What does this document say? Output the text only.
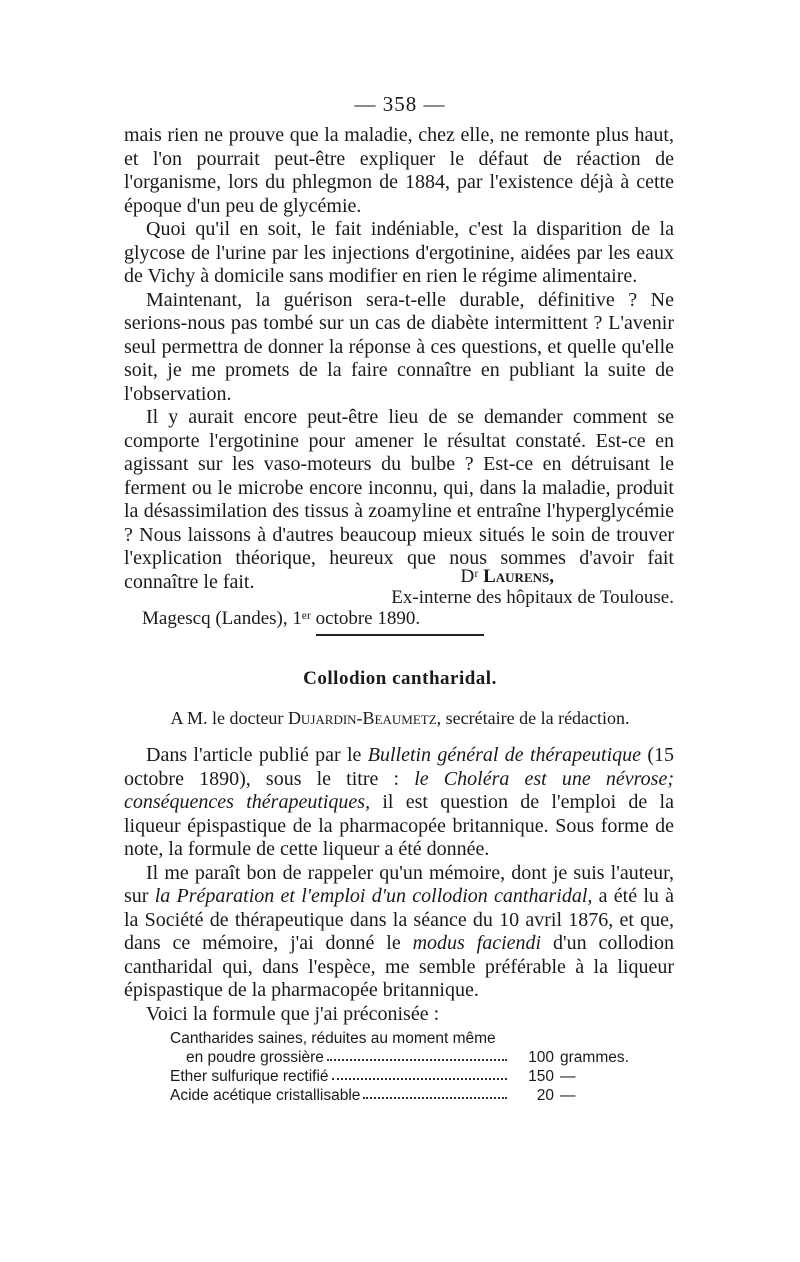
— 358 —

mais rien ne prouve que la maladie, chez elle, ne remonte plus haut, et l'on pourrait peut-être expliquer le défaut de réaction de l'organisme, lors du phlegmon de 1884, par l'existence déjà à cette époque d'un peu de glycémie.

Quoi qu'il en soit, le fait indéniable, c'est la disparition de la glycose de l'urine par les injections d'ergotinine, aidées par les eaux de Vichy à domicile sans modifier en rien le régime alimentaire.

Maintenant, la guérison sera-t-elle durable, définitive ? Ne serions-nous pas tombé sur un cas de diabète intermittent ? L'avenir seul permettra de donner la réponse à ces questions, et quelle qu'elle soit, je me promets de la faire connaître en publiant la suite de l'observation.

Il y aurait encore peut-être lieu de se demander comment se comporte l'ergotinine pour amener le résultat constaté. Est-ce en agissant sur les vaso-moteurs du bulbe ? Est-ce en détruisant le ferment ou le microbe encore inconnu, qui, dans la maladie, produit la désassimilation des tissus à zoamyline et entraîne l'hyperglycémie ? Nous laissons à d'autres beaucoup mieux situés le soin de trouver l'explication théorique, heureux que nous sommes d'avoir fait connaître le fait.	Dʳ Laurens,
Ex-interne des hôpitaux de Toulouse.
Magescq (Landes), 1ᵉʳ octobre 1890.
Collodion cantharidal.
A M. le docteur Dujardin-Beaumetz, secrétaire de la rédaction.

Dans l'article publié par le Bulletin général de thérapeutique (15 octobre 1890), sous le titre : le Choléra est une névrose; conséquences thérapeutiques, il est question de l'emploi de la liqueur épispastique de la pharmacopée britannique. Sous forme de note, la formule de cette liqueur a été donnée.

Il me paraît bon de rappeler qu'un mémoire, dont je suis l'auteur, sur la Préparation et l'emploi d'un collodion cantharidal, a été lu à la Société de thérapeutique dans la séance du 10 avril 1876, et que, dans ce mémoire, j'ai donné le modus faciendi d'un collodion cantharidal qui, dans l'espèce, me semble préférable à la liqueur épispastique de la pharmacopée britannique.

Voici la formule que j'ai préconisée :

Cantharides saines, réduites au moment même
en poudre grossière	100 grammes.
Ether sulfurique rectifié	150 —
Acide acétique cristallisable	20 —
